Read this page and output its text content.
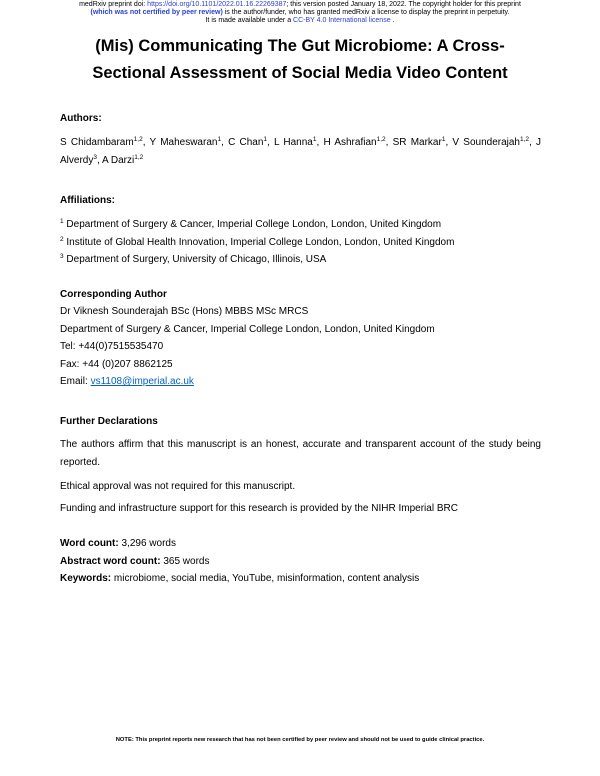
medRxiv preprint doi: https://doi.org/10.1101/2022.01.16.22269387; this version posted January 18, 2022. The copyright holder for this preprint
(which was not certified by peer review) is the author/funder, who has granted medRxiv a license to display the preprint in perpetuity.
It is made available under a CC-BY 4.0 International license .
(Mis) Communicating The Gut Microbiome: A Cross-
Sectional Assessment of Social Media Video Content
Authors:
S Chidambaram$^{1,2}$, Y Maheswaran$^1$, C Chan$^1$, L Hanna$^1$, H Ashrafian$^{1,2}$, SR Markar$^1$, V Sounderajah$^{1,2}$, J Alverdy$^3$, A Darzi$^{1,2}$
Affiliations:
$^1$ Department of Surgery & Cancer, Imperial College London, London, United Kingdom
$^2$ Institute of Global Health Innovation, Imperial College London, London, United Kingdom
$^3$ Department of Surgery, University of Chicago, Illinois, USA
Corresponding Author
Dr Viknesh Sounderajah BSc (Hons) MBBS MSc MRCS
Department of Surgery & Cancer, Imperial College London, London, United Kingdom
Tel: +44(0)7515535470
Fax: +44 (0)207 8862125
Email: vs1108@imperial.ac.uk
Further Declarations
The authors affirm that this manuscript is an honest, accurate and transparent account of the study being reported.
Ethical approval was not required for this manuscript.
Funding and infrastructure support for this research is provided by the NIHR Imperial BRC
Word count: 3,296 words
Abstract word count: 365 words
Keywords: microbiome, social media, YouTube, misinformation, content analysis
NOTE: This preprint reports new research that has not been certified by peer review and should not be used to guide clinical practice.
